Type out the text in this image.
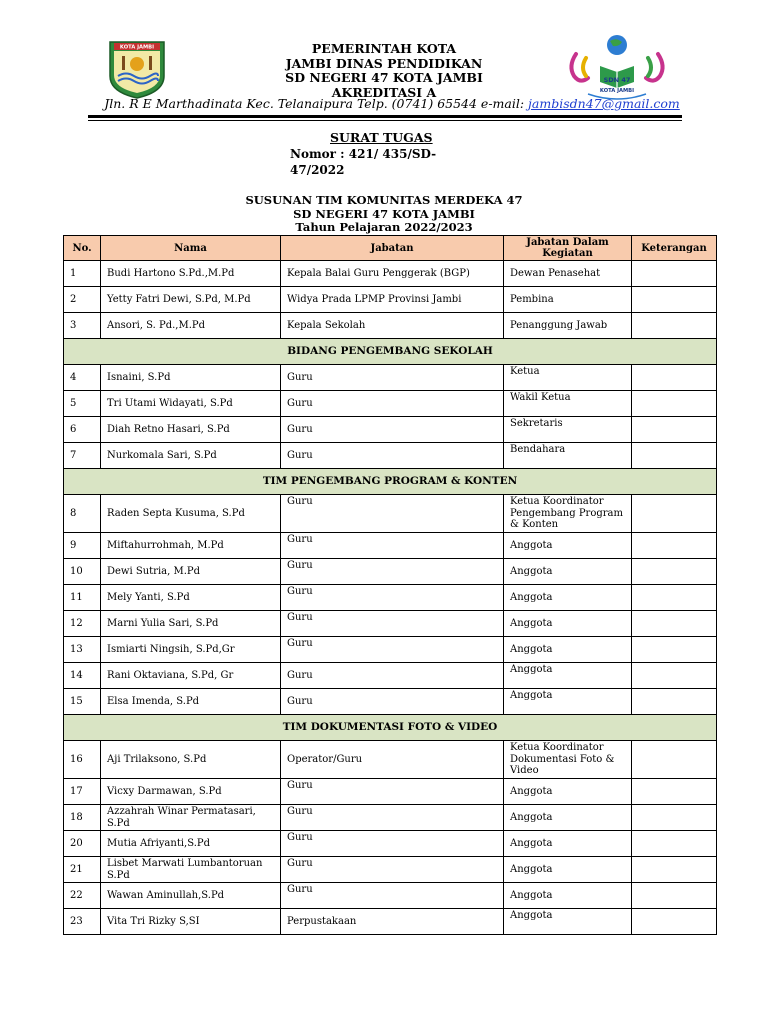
KOTA JAMBI	PEMERINTAH KOTA
JAMBI DINAS PENDIDIKAN
SD NEGERI 47 KOTA JAMBI
AKREDITASI A
SDN 47
KOTA JAMBI
Jln. R E Marthadinata Kec. Telanaipura Telp. (0741) 65544 e-mail: jambisdn47@gmail.com
SURAT TUGAS
Nomor : 421/ 435/SD-
47/2022
SUSUNAN TIM KOMUNITAS MERDEKA 47
SD NEGERI 47 KOTA JAMBI
Tahun Pelajaran 2022/2023
No.	Nama	Jabatan	Jabatan Dalam Kegiatan	Keterangan
1	Budi Hartono S.Pd.,M.Pd	Kepala Balai Guru Penggerak (BGP)	Dewan Penasehat	
2	Yetty Fatri Dewi, S.Pd, M.Pd	Widya Prada LPMP Provinsi Jambi	Pembina	
3	Ansori, S. Pd.,M.Pd	Kepala Sekolah	Penanggung Jawab	
BIDANG PENGEMBANG SEKOLAH				
4	Isnaini, S.Pd	Guru	Ketua	
5	Tri Utami Widayati, S.Pd	Guru	Wakil Ketua	
6	Diah Retno Hasari, S.Pd	Guru	Sekretaris	
7	Nurkomala Sari, S.Pd	Guru	Bendahara	
TIM PENGEMBANG PROGRAM & KONTEN				
8	Raden Septa Kusuma, S.Pd	Guru	Ketua Koordinator Pengembang Program & Konten	
9	Miftahurrohmah, M.Pd	Guru	Anggota	
10	Dewi Sutria, M.Pd	Guru	Anggota	
11	Mely Yanti, S.Pd	Guru	Anggota	
12	Marni Yulia Sari, S.Pd	Guru	Anggota	
13	Ismiarti Ningsih, S.Pd,Gr	Guru	Anggota	
14	Rani Oktaviana, S.Pd, Gr	Guru	Anggota	
15	Elsa Imenda, S.Pd	Guru	Anggota	
TIM DOKUMENTASI FOTO & VIDEO				
16	Aji Trilaksono, S.Pd	Operator/Guru	Ketua Koordinator Dokumentasi Foto & Video	
17	Vicxy Darmawan, S.Pd	Guru	Anggota	
18	Azzahrah Winar Permatasari, S.Pd	Guru	Anggota	
20	Mutia Afriyanti,S.Pd	Guru	Anggota	
21	Lisbet Marwati Lumbantoruan S.Pd	Guru	Anggota	
22	Wawan Aminullah,S.Pd	Guru	Anggota	
23	Vita Tri Rizky S,SI	Perpustakaan	Anggota	
